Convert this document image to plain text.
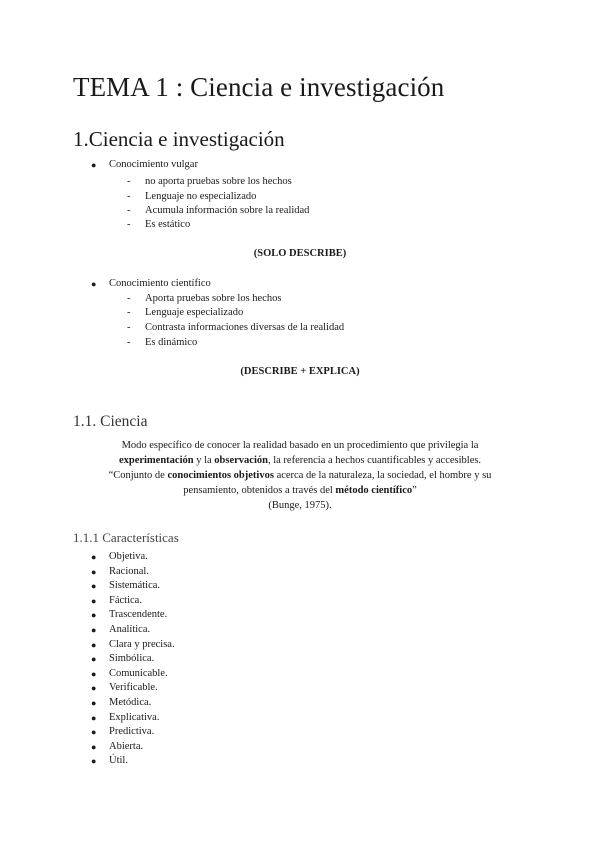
TEMA 1 : Ciencia e investigación
1.Ciencia e investigación
● Conocimiento vulgar
- no aporta pruebas sobre los hechos
- Lenguaje no especializado
- Acumula información sobre la realidad
- Es estático
(SOLO DESCRIBE)
● Conocimiento científico
- Aporta pruebas sobre los hechos
- Lenguaje especializado
- Contrasta informaciones diversas de la realidad
- Es dinámico
(DESCRIBE + EXPLICA)
1.1. Ciencia
Modo específico de conocer la realidad basado en un procedimiento que privilegia la
experimentación y la observación, la referencia a hechos cuantificables y accesibles.
“Conjunto de conocimientos objetivos acerca de la naturaleza, la sociedad, el hombre y su
pensamiento, obtenidos a través del método científico”
(Bunge, 1975).
1.1.1 Características
● Objetiva.
● Racional.
● Sistemática.
● Fáctica.
● Trascendente.
● Analítica.
● Clara y precisa.
● Simbólica.
● Comunicable.
● Verificable.
● Metódica.
● Explicativa.
● Predictiva.
● Abierta.
● Útil.
